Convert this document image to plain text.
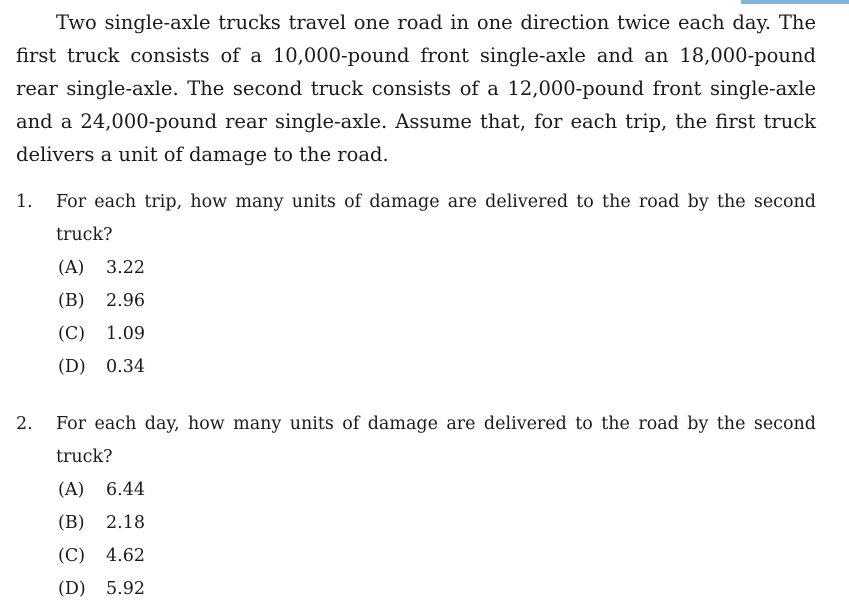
Two single-axle trucks travel one road in one direction twice each day. The first truck consists of a 10,000-pound front single-axle and an 18,000-pound rear single-axle. The second truck consists of a 12,000-pound front single-axle and a 24,000-pound rear single-axle. Assume that, for each trip, the first truck delivers a unit of damage to the road.

1. For each trip, how many units of damage are delivered to the road by the second truck?

(A)	3.22
(B)	2.96
(C)	1.09
(D)	0.34
2. For each day, how many units of damage are delivered to the road by the second truck?

(A)	6.44
(B)	2.18
(C)	4.62
(D)	5.92
